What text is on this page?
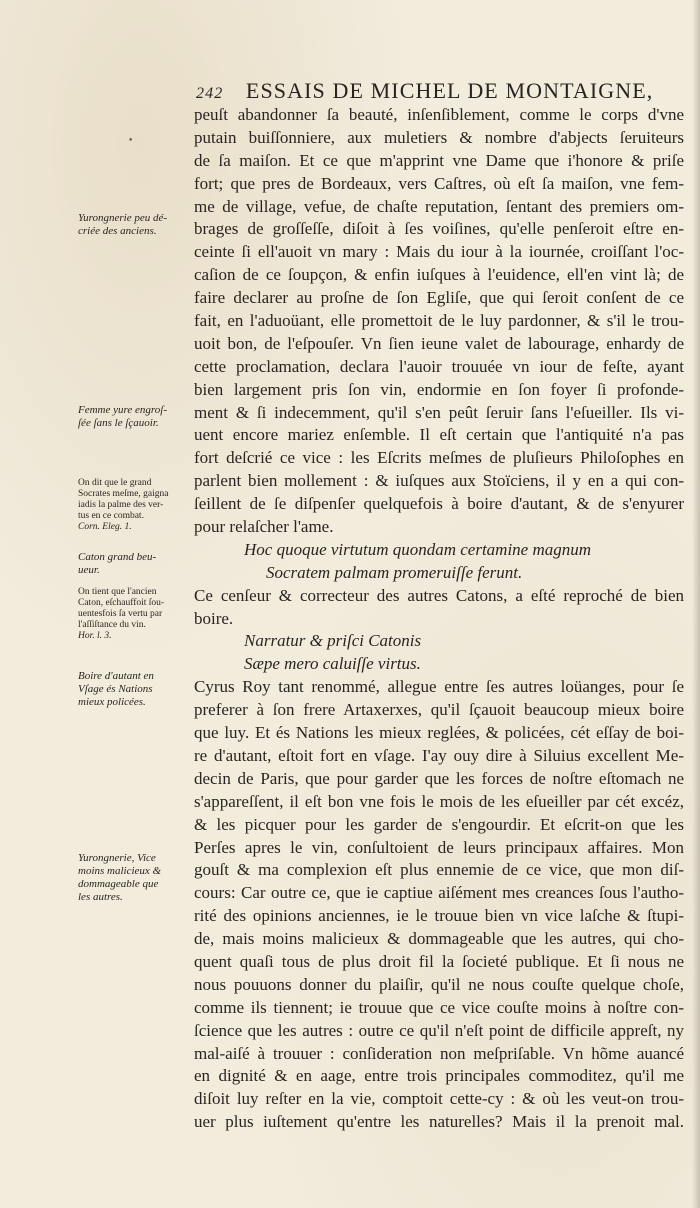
242 ESSAIS DE MICHEL DE MONTAIGNE,
•
peuſt abandonner ſa beauté, inſenſiblement, comme le corps d'vne
putain buiſſonniere, aux muletiers & nombre d'abjects ſeruiteurs
de ſa maiſon. Et ce que m'apprint vne Dame que i'honore & priſe
fort; que pres de Bordeaux, vers Caſtres, où eſt ſa maiſon, vne fem-
me de village, vefue, de chaſte reputation, ſentant des premiers om-
brages de groſſeſſe, diſoit à ſes voiſines, qu'elle penſeroit eſtre en-
ceinte ſi ell'auoit vn mary : Mais du iour à la iournée, croiſſant l'oc-
caſion de ce ſoupçon, & enfin iuſques à l'euidence, ell'en vint là; de
faire declarer au proſne de ſon Egliſe, que qui ſeroit conſent de ce
fait, en l'aduoüant, elle promettoit de le luy pardonner, & s'il le trou-
uoit bon, de l'eſpouſer. Vn ſien ieune valet de labourage, enhardy de
cette proclamation, declara l'auoir trouuée vn iour de feſte, ayant
bien largement pris ſon vin, endormie en ſon foyer ſi profonde-
ment & ſi indecemment, qu'il s'en peût ſeruir ſans l'eſueiller. Ils vi-
uent encore mariez enſemble. Il eſt certain que l'antiquité n'a pas
fort deſcrié ce vice : les Eſcrits meſmes de pluſieurs Philoſophes en
parlent bien mollement : & iuſques aux Stoïciens, il y en a qui con-
ſeillent de ſe diſpenſer quelquefois à boire d'autant, & de s'enyurer
pour relaſcher l'ame.
Hoc quoque virtutum quondam certamine magnum
Socratem palmam promeruiſſe ferunt.
Ce cenſeur & correcteur des autres Catons, a eſté reproché de bien
boire.
Narratur & priſci Catonis
Sæpe mero caluiſſe virtus.
Cyrus Roy tant renommé, allegue entre ſes autres loüanges, pour ſe
preferer à ſon frere Artaxerxes, qu'il ſçauoit beaucoup mieux boire
que luy. Et és Nations les mieux reglées, & policées, cét eſſay de boi-
re d'autant, eſtoit fort en vſage. I'ay ouy dire à Siluius excellent Me-
decin de Paris, que pour garder que les forces de noſtre eſtomach ne
s'appareſſent, il eſt bon vne fois le mois de les eſueiller par cét excéz,
& les picquer pour les garder de s'engourdir. Et eſcrit-on que les
Perſes apres le vin, conſultoient de leurs principaux affaires. Mon
gouſt & ma complexion eſt plus ennemie de ce vice, que mon diſ-
cours: Car outre ce, que ie captiue aiſément mes creances ſous l'autho-
rité des opinions anciennes, ie le trouue bien vn vice laſche & ſtupi-
de, mais moins malicieux & dommageable que les autres, qui cho-
quent quaſi tous de plus droit fil la ſocieté publique. Et ſi nous ne
nous pouuons donner du plaiſir, qu'il ne nous couſte quelque choſe,
comme ils tiennent; ie trouue que ce vice couſte moins à noſtre con-
ſcience que les autres : outre ce qu'il n'eſt point de difficile appreſt, ny
mal-aiſé à trouuer : conſideration non meſpriſable. Vn hõme auancé
en dignité & en aage, entre trois principales commoditez, qu'il me
diſoit luy reſter en la vie, comptoit cette-cy : & où les veut-on trou-
uer plus iuſtement qu'entre les naturelles? Mais il la prenoit mal.
Yurongnerie peu dé-
criée des anciens.
Femme yure engroſ-
ſée ſans le ſçauoir.
On dit que le grand
Socrates meſme, gaigna
iadis la palme des ver-
tus en ce combat.
Corn. Eleg. 1.
Caton grand beu-
ueur.
On tient que l'ancien
Caton, eſchauffoit ſou-
uentesfois ſa vertu par
l'aſſiſtance du vin.
Hor. l. 3.
Boire d'autant en
Vſage és Nations
mieux policées.
Yurongnerie, Vice
moins malicieux &
dommageable que
les autres.
